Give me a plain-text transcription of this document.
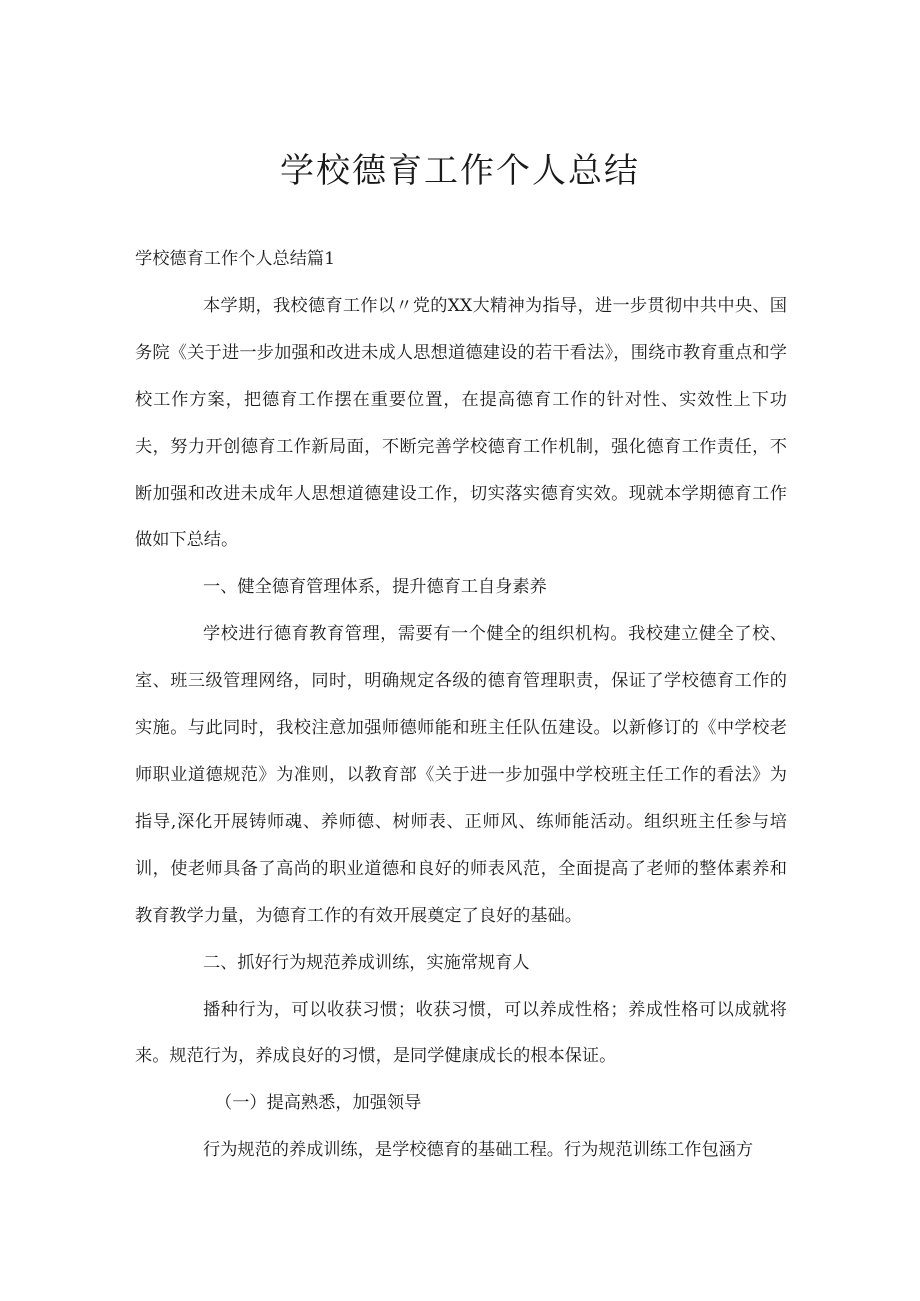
学校德育工作个人总结

学校德育工作个人总结篇1

本学期，我校德育工作以〃党的XX大精神为指导，进一步贯彻中共中央、国务院《关于进一步加强和改进未成人思想道德建设的若干看法》，围绕市教育重点和学校工作方案，把德育工作摆在重要位置，在提高德育工作的针对性、实效性上下功夫，努力开创德育工作新局面，不断完善学校德育工作机制，强化德育工作责任，不断加强和改进未成年人思想道德建设工作，切实落实德育实效。现就本学期德育工作做如下总结。

一、健全德育管理体系，提升德育工自身素养

学校进行德育教育管理，需要有一个健全的组织机构。我校建立健全了校、室、班三级管理网络，同时，明确规定各级的德育管理职责，保证了学校德育工作的实施。与此同时，我校注意加强师德师能和班主任队伍建设。以新修订的《中学校老师职业道德规范》为准则，以教育部《关于进一步加强中学校班主任工作的看法》为指导,深化开展铸师魂、养师德、树师表、正师风、练师能活动。组织班主任参与培训，使老师具备了高尚的职业道德和良好的师表风范，全面提高了老师的整体素养和教育教学力量，为德育工作的有效开展奠定了良好的基础。

二、抓好行为规范养成训练，实施常规育人

播种行为，可以收获习惯；收获习惯，可以养成性格；养成性格可以成就将来。规范行为，养成良好的习惯，是同学健康成长的根本保证。

（一）提高熟悉，加强领导

行为规范的养成训练，是学校德育的基础工程。行为规范训练工作包涵方
